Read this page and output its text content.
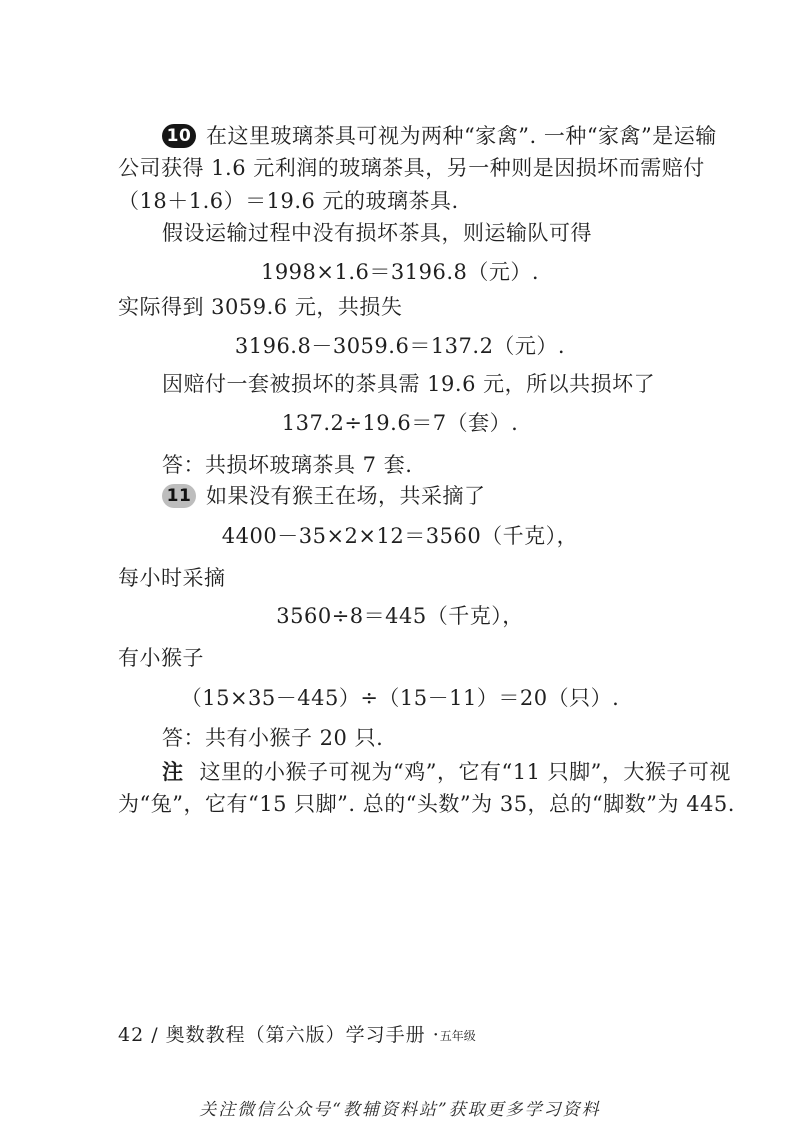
10 在这里玻璃茶具可视为两种“家禽”. 一种“家禽”是运输
公司获得 1.6 元利润的玻璃茶具，另一种则是因损坏而需赔付
（18＋1.6）＝19.6 元的玻璃茶具.
假设运输过程中没有损坏茶具，则运输队可得
1998×1.6＝3196.8（元）.
实际得到 3059.6 元，共损失
3196.8－3059.6＝137.2（元）.
因赔付一套被损坏的茶具需 19.6 元，所以共损坏了
137.2÷19.6＝7（套）.
答：共损坏玻璃茶具 7 套.
11 如果没有猴王在场，共采摘了
4400－35×2×12＝3560（千克），
每小时采摘
3560÷8＝445（千克），
有小猴子
（15×35－445）÷（15－11）＝20（只）.
答：共有小猴子 20 只.
注 这里的小猴子可视为“鸡”，它有“11 只脚”，大猴子可视
为“兔”，它有“15 只脚”. 总的“头数”为 35，总的“脚数”为 445.
42 / 奥数教程（第六版）学习手册 ·五年级
关注微信公众号“教辅资料站”获取更多学习资料
